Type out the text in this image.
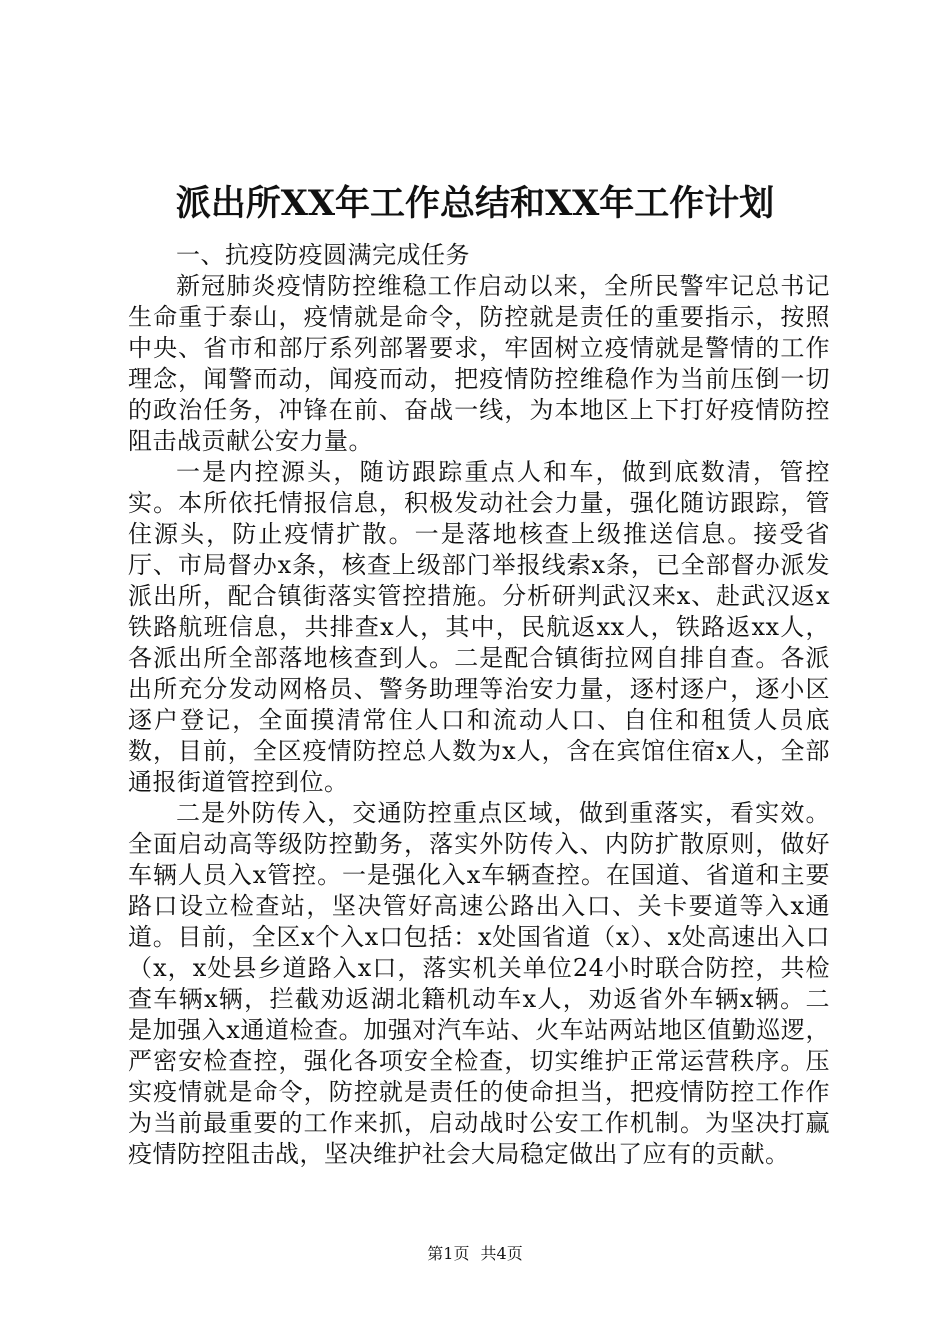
派出所XX年工作总结和XX年工作计划

一、抗疫防疫圆满完成任务

新冠肺炎疫情防控维稳工作启动以来，全所民警牢记总书记生命重于泰山，疫情就是命令，防控就是责任的重要指示，按照中央、省市和部厅系列部署要求，牢固树立疫情就是警情的工作理念，闻警而动，闻疫而动，把疫情防控维稳作为当前压倒一切的政治任务，冲锋在前、奋战一线，为本地区上下打好疫情防控阻击战贡献公安力量。

一是内控源头，随访跟踪重点人和车，做到底数清，管控实。本所依托情报信息，积极发动社会力量，强化随访跟踪，管住源头，防止疫情扩散。一是落地核查上级推送信息。接受省厅、市局督办x条，核查上级部门举报线索x条，已全部督办派发派出所，配合镇街落实管控措施。分析研判武汉来x、赴武汉返x铁路航班信息，共排查x人，其中，民航返xx人，铁路返xx人，各派出所全部落地核查到人。二是配合镇街拉网自排自查。各派出所充分发动网格员、警务助理等治安力量，逐村逐户，逐小区逐户登记，全面摸清常住人口和流动人口、自住和租赁人员底数，目前，全区疫情防控总人数为x人，含在宾馆住宿x人，全部通报街道管控到位。

二是外防传入，交通防控重点区域，做到重落实，看实效。全面启动高等级防控勤务，落实外防传入、内防扩散原则，做好车辆人员入x管控。一是强化入x车辆查控。在国道、省道和主要路口设立检查站，坚决管好高速公路出入口、关卡要道等入x通道。目前，全区x个入x口包括：x处国省道（x）、x处高速出入口（x，x处县乡道路入x口，落实机关单位24小时联合防控，共检查车辆x辆，拦截劝返湖北籍机动车x人，劝返省外车辆x辆。二是加强入x通道检查。加强对汽车站、火车站两站地区值勤巡逻，严密安检查控，强化各项安全检查，切实维护正常运营秩序。压实疫情就是命令，防控就是责任的使命担当，把疫情防控工作作为当前最重要的工作来抓，启动战时公安工作机制。为坚决打赢疫情防控阻击战，坚决维护社会大局稳定做出了应有的贡献。

第1页 共4页
